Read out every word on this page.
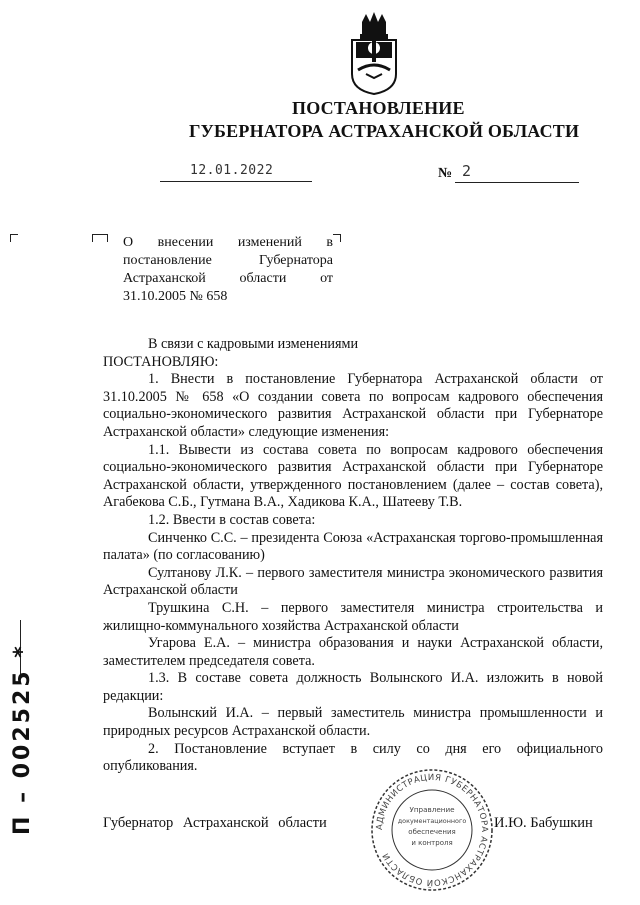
ПОСТАНОВЛЕНИЕ
ГУБЕРНАТОРА АСТРАХАНСКОЙ ОБЛАСТИ
12.01.2022	№ 2
О внесении изменений в постановление Губернатора Астраханской области от 31.10.2005 № 658

В связи с кадровыми изменениями

ПОСТАНОВЛЯЮ:

1. Внести в постановление Губернатора Астраханской области от 31.10.2005 № 658 «О создании совета по вопросам кадрового обеспечения социально-экономического развития Астраханской области при Губернаторе Астраханской области» следующие изменения:

1.1. Вывести из состава совета по вопросам кадрового обеспечения социально-экономического развития Астраханской области при Губернаторе Астраханской области, утвержденного постановлением (далее – состав совета), Агабекова С.Б., Гутмана В.А., Хадикова К.А., Шатееву Т.В.

1.2. Ввести в состав совета:

Синченко С.С. – президента Союза «Астраханская торгово-промышленная палата» (по согласованию)

Султанову Л.К. – первого заместителя министра экономического развития Астраханской области

Трушкина С.Н. – первого заместителя министра строительства и жилищно-коммунального хозяйства Астраханской области

Угарова Е.А. – министра образования и науки Астраханской области, заместителем председателя совета.

1.3. В составе совета должность Волынского И.А. изложить в новой редакции:

Волынский И.А. – первый заместитель министра промышленности и природных ресурсов Астраханской области.

2. Постановление вступает в силу со дня его официального опубликования.

Губернатор Астраханской области	И.Ю. Бабушкин
АДМИНИСТРАЦИЯ ГУБЕРНАТОРА АСТРАХАНСКОЙ ОБЛАСТИ
Управление
документационного
обеспечения
и контроля
П – 002525 *
